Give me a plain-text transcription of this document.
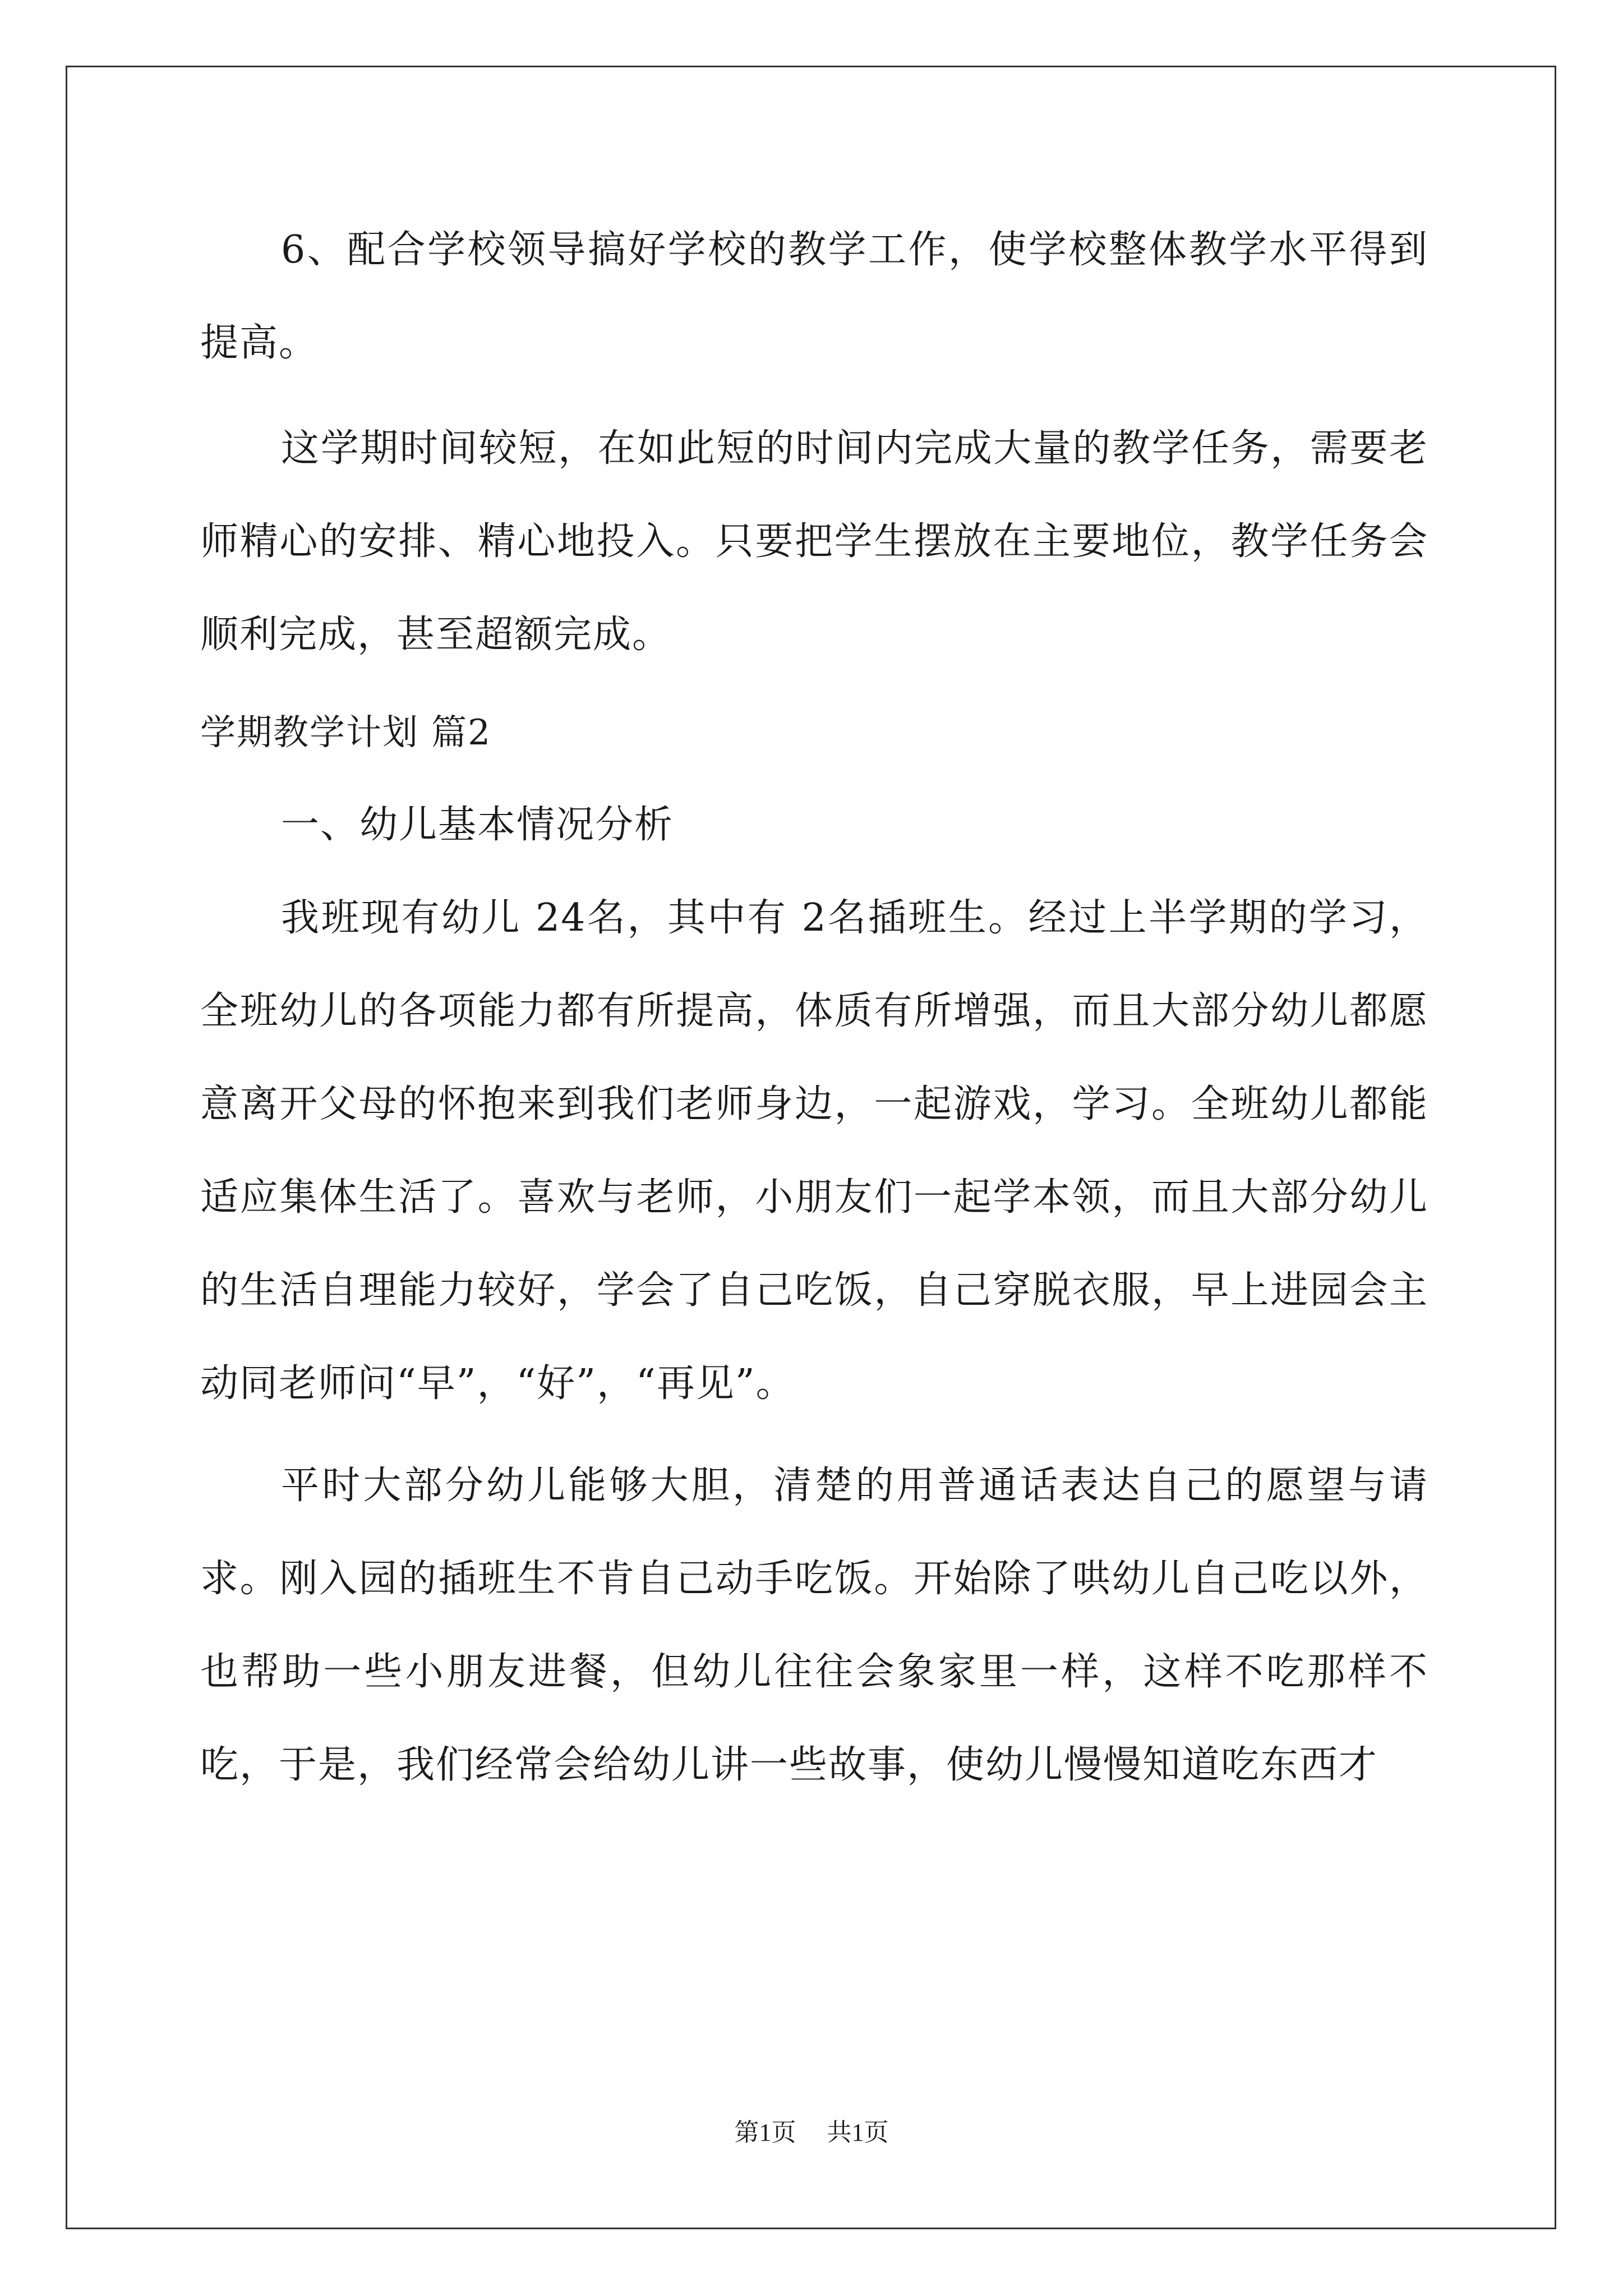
6、配合学校领导搞好学校的教学工作，使学校整体教学水平得到提高。

这学期时间较短，在如此短的时间内完成大量的教学任务，需要老师精心的安排、精心地投入。只要把学生摆放在主要地位，教学任务会顺利完成，甚至超额完成。

学期教学计划 篇2

一、幼儿基本情况分析

我班现有幼儿 24名，其中有 2名插班生。经过上半学期的学习，全班幼儿的各项能力都有所提高，体质有所增强，而且大部分幼儿都愿意离开父母的怀抱来到我们老师身边，一起游戏，学习。全班幼儿都能适应集体生活了。喜欢与老师，小朋友们一起学本领，而且大部分幼儿的生活自理能力较好，学会了自己吃饭，自己穿脱衣服，早上进园会主动同老师问“早”，“好”，“再见”。

平时大部分幼儿能够大胆，清楚的用普通话表达自己的愿望与请求。刚入园的插班生不肯自己动手吃饭。开始除了哄幼儿自己吃以外，也帮助一些小朋友进餐，但幼儿往往会象家里一样，这样不吃那样不吃，于是，我们经常会给幼儿讲一些故事，使幼儿慢慢知道吃东西才

第1页 共1页
